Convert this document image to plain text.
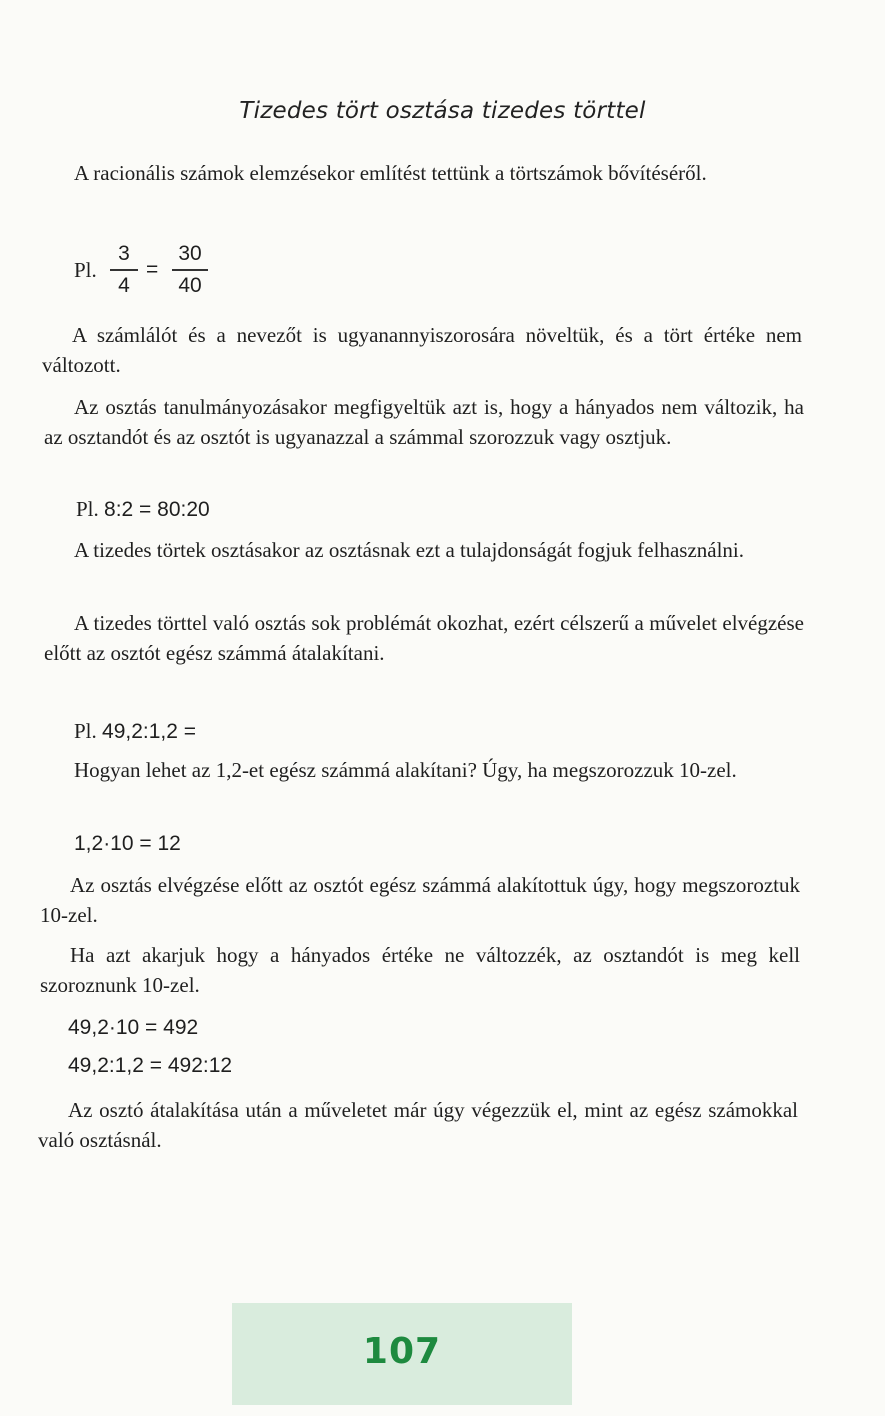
Tizedes tört osztása tizedes törttel
A racionális számok elemzésekor említést tettünk a törtszámok bővítéséről.
Pl.
3
4
=
30
40
A számlálót és a nevezőt is ugyanannyiszorosára növeltük, és a tört értéke nem változott.
Az osztás tanulmányozásakor megfigyeltük azt is, hogy a hányados nem változik, ha az osztandót és az osztót is ugyanazzal a számmal szorozzuk vagy osztjuk.
Pl. 8:2 = 80:20
A tizedes törtek osztásakor az osztásnak ezt a tulajdonságát fogjuk felhasználni.
A tizedes törttel való osztás sok problémát okozhat, ezért célszerű a művelet elvégzése előtt az osztót egész számmá átalakítani.
Pl. 49,2:1,2 =
Hogyan lehet az 1,2-et egész számmá alakítani? Úgy, ha megszorozzuk 10-zel.
1,2·10 = 12
Az osztás elvégzése előtt az osztót egész számmá alakítottuk úgy, hogy megszoroztuk 10-zel.
Ha azt akarjuk hogy a hányados értéke ne változzék, az osztandót is meg kell szoroznunk 10-zel.
49,2·10 = 492
49,2:1,2 = 492:12
Az osztó átalakítása után a műveletet már úgy végezzük el, mint az egész számokkal való osztásnál.
107
